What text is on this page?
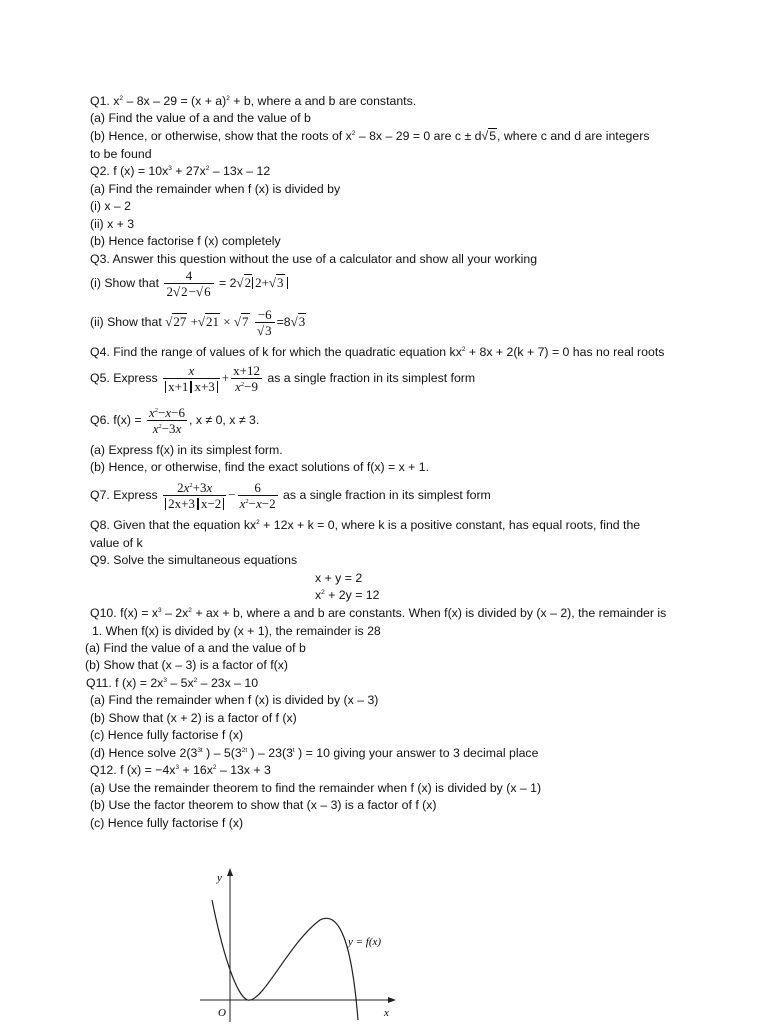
Q1. $x^2 - 8x - 29 = (x + a)^2 + b$, where a and b are constants.
(a) Find the value of a and the value of b
(b) Hence, or otherwise, show that the roots of $x^2 - 8x - 29 = 0$ are c ± d√5, where c and d are integers
to be found
Q2. f $(x) = 10x^3 + 27x^2 - 13x - 12$
(a) Find the remainder when f (x) is divided by
(i) x – 2
(ii) x + 3
(b) Hence factorise f (x) completely
Q3. Answer this question without the use of a calculator and show all your working
(i) Show that $\frac{4}{2√2-√6} = 2√2$ 2+√3
(ii) Show that $√27 +√21 \times √7 \frac{-6}{√3} =8√3$
Q4. Find the range of values of k for which the quadratic equation $kx^2 + 8x + 2(k + 7) = 0$ has no real roots
Q5. Express $\frac{x}{x+1 x+3} + \frac{x+12}{x^2-9}$ as a single fraction in its simplest form
Q6. $f(x) = \frac{x^2-x-6}{x^2-3x}$ , x ≠ 0, x ≠ 3.
(a) Express f(x) in its simplest form.
(b) Hence, or otherwise, find the exact solutions of f(x) = x + 1.
Q7. Express $\frac{2x^2+3x}{2x+3 x-2} - \frac{6}{x^2-x-2}$ as a single fraction in its simplest form
Q8. Given that the equation $kx^2 + 12x + k = 0$, where k is a positive constant, has equal roots, find the
value of k
Q9. Solve the simultaneous equations
x + y = 2
$x^2 + 2y = 12$
Q10. $f(x) = x^3 - 2x^2$ + ax + b, where a and b are constants. When f(x) is divided by (x – 2), the remainder is
1. When f(x) is divided by (x + 1), the remainder is 28
(a) Find the value of a and the value of b
(b) Show that (x – 3) is a factor of f(x)
Q11. f $(x) = 2x^3 - 5x^2 - 23x - 10$
(a) Find the remainder when f (x) is divided by (x – 3)
(b) Show that (x + 2) is a factor of f (x)
(c) Hence fully factorise f (x)
(d) Hence solve $2(3^{3t}$ ) – $5(3^{2t}$ ) – 23(3$^t$ ) = 10 giving your answer to 3 decimal place
Q12. f $(x) = -4x^3 + 16x^2 - 13x + 3$
(a) Use the remainder theorem to find the remainder when f (x) is divided by (x – 1)
(b) Use the factor theorem to show that (x – 3) is a factor of f (x)
(c) Hence fully factorise f (x)
y
x
O
y = f(x)
